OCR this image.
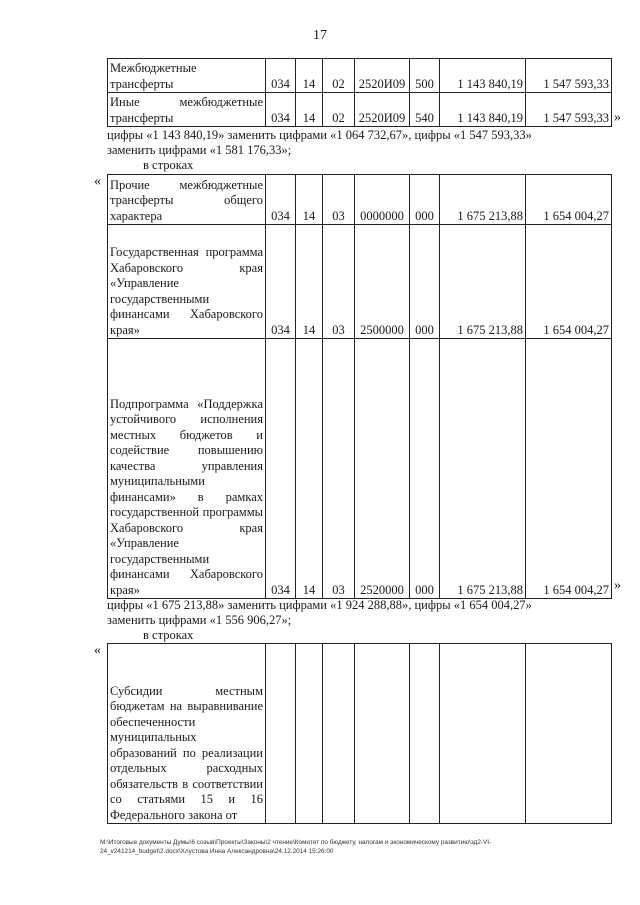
17
Межбюджетные трансферты	034	14	02	2520И09	500	1 143 840,19	1 547 593,33
Иные межбюджетные трансферты	034	14	02	2520И09	540	1 143 840,19	1 547 593,33 »
цифры «1 143 840,19» заменить цифрами «1 064 732,67», цифры «1 547 593,33»
заменить цифрами «1 581 176,33»;
в строках
« Прочие межбюджетные трансферты общего характера	034	14	03	0000000	000	1 675 213,88	1 654 004,27
Государственная программа Хабаровского края «Управление государственными финансами Хабаровского края»	034	14	03	2500000	000	1 675 213,88	1 654 004,27
Подпрограмма «Поддержка устойчивого исполнения местных бюджетов и содействие повышению качества управления муниципальными финансами» в рамках государственной программы Хабаровского края «Управление государственными финансами Хабаровского края»	034	14	03	2520000	000	1 675 213,88	1 654 004,27 »
цифры «1 675 213,88» заменить цифрами «1 924 288,88», цифры «1 654 004,27»
заменить цифрами «1 556 906,27»;
в строках
«
Субсидии местным бюджетам на выравнивание обеспеченности муниципальных образований по реализации отдельных расходных обязательств в соответствии со статьями 15 и 16 Федерального закона от							
M:\Итоговые документы Думы\6 созыв\Проекты\Законы\2 чтение\Комитет по бюджету, налогам и экономическому развитию\зд2-VI-
24_v241214_budget\2.docx\Хлустова Инна Александровна\24.12.2014 15:26:00
